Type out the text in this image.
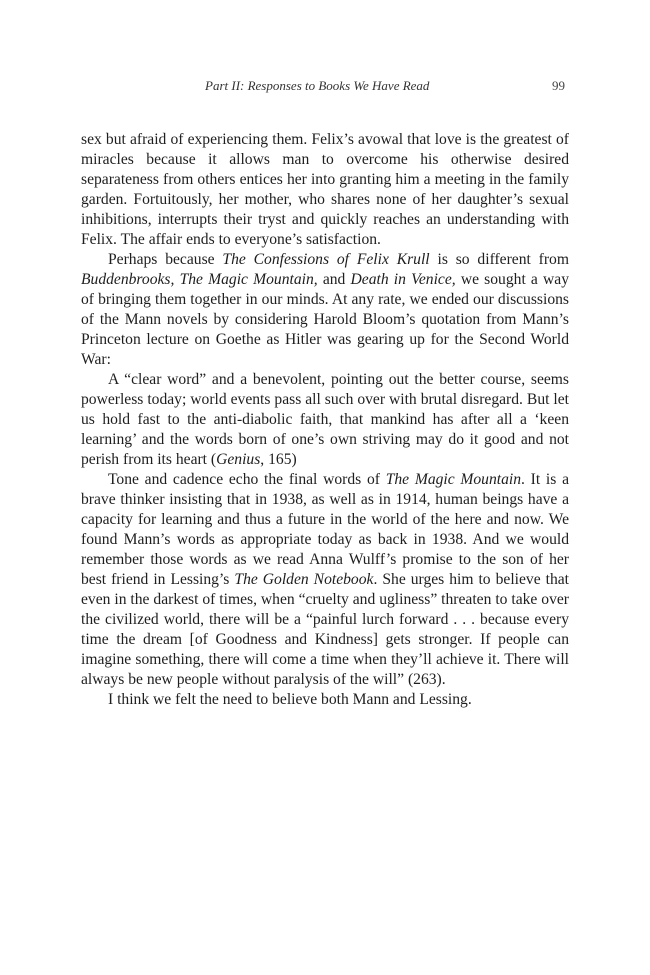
Part II: Responses to Books We Have Read	99

sex but afraid of experiencing them. Felix’s avowal that love is the greatest of miracles because it allows man to overcome his otherwise desired separateness from others entices her into granting him a meeting in the family garden. Fortuitously, her mother, who shares none of her daughter’s sexual inhibitions, interrupts their tryst and quickly reaches an understanding with Felix. The affair ends to everyone’s satisfaction.

Perhaps because The Confessions of Felix Krull is so different from Buddenbrooks, The Magic Mountain, and Death in Venice, we sought a way of bringing them together in our minds. At any rate, we ended our discussions of the Mann novels by considering Harold Bloom’s quotation from Mann’s Princeton lecture on Goethe as Hitler was gearing up for the Second World War:

A “clear word” and a benevolent, pointing out the better course, seems powerless today; world events pass all such over with brutal disregard. But let us hold fast to the anti-diabolic faith, that mankind has after all a ‘keen learning’ and the words born of one’s own striving may do it good and not perish from its heart (Genius, 165)

Tone and cadence echo the final words of The Magic Mountain. It is a brave thinker insisting that in 1938, as well as in 1914, human beings have a capacity for learning and thus a future in the world of the here and now. We found Mann’s words as appropriate today as back in 1938. And we would remember those words as we read Anna Wulff’s promise to the son of her best friend in Lessing’s The Golden Notebook. She urges him to believe that even in the darkest of times, when “cruelty and ugliness” threaten to take over the civilized world, there will be a “painful lurch forward . . . because every time the dream [of Goodness and Kindness] gets stronger. If people can imagine something, there will come a time when they’ll achieve it. There will always be new people without paralysis of the will” (263).

I think we felt the need to believe both Mann and Lessing.
